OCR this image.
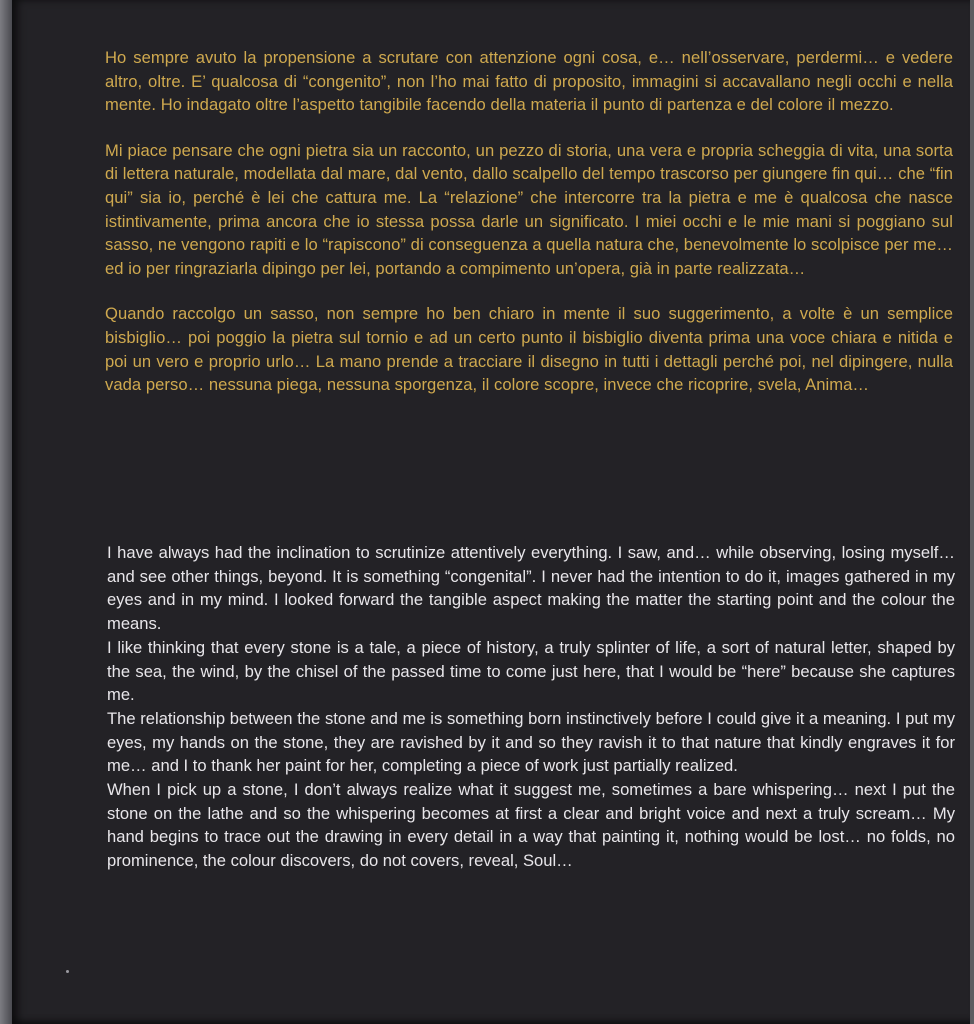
Ho sempre avuto la propensione a scrutare con attenzione ogni cosa, e… nell’osservare, perdermi… e vedere altro, oltre. E’ qualcosa di “congenito”, non l’ho mai fatto di proposito, immagini si accavallano negli occhi e nella mente. Ho indagato oltre l’aspetto tangibile facendo della materia il punto di partenza e del colore il mezzo.

Mi piace pensare che ogni pietra sia un racconto, un pezzo di storia, una vera e propria scheggia di vita, una sorta di lettera naturale, modellata dal mare, dal vento, dallo scalpello del tempo trascorso per giungere fin qui… che “fin qui” sia io, perché è lei che cattura me. La “relazione” che intercorre tra la pietra e me è qualcosa che nasce istintivamente, prima ancora che io stessa possa darle un significato. I miei occhi e le mie mani si poggiano sul sasso, ne vengono rapiti e lo “rapiscono” di conseguenza a quella natura che, benevolmente lo scolpisce per me… ed io per ringraziarla dipingo per lei, portando a compimento un’opera, già in parte realizzata…

Quando raccolgo un sasso, non sempre ho ben chiaro in mente il suo suggerimento, a volte è un semplice bisbiglio… poi poggio la pietra sul tornio e ad un certo punto il bisbiglio diventa prima una voce chiara e nitida e poi un vero e proprio urlo… La mano prende a tracciare il disegno in tutti i dettagli perché poi, nel dipingere, nulla vada perso… nessuna piega, nessuna sporgenza, il colore scopre, invece che ricoprire, svela, Anima…

I have always had the inclination to scrutinize attentively everything. I saw, and… while observing, losing myself… and see other things, beyond. It is something “congenital”. I never had the intention to do it, images gathered in my eyes and in my mind. I looked forward the tangible aspect making the matter the starting point and the colour the means.

I like thinking that every stone is a tale, a piece of history, a truly splinter of life, a sort of natural letter, shaped by the sea, the wind, by the chisel of the passed time to come just here, that I would be “here” because she captures me.

The relationship between the stone and me is something born instinctively before I could give it a meaning. I put my eyes, my hands on the stone, they are ravished by it and so they ravish it to that nature that kindly engraves it for me… and I to thank her paint for her, completing a piece of work just partially realized.

When I pick up a stone, I don’t always realize what it suggest me, sometimes a bare whispering… next I put the stone on the lathe and so the whispering becomes at first a clear and bright voice and next a truly scream… My hand begins to trace out the drawing in every detail in a way that painting it, nothing would be lost… no folds, no prominence, the colour discovers, do not covers, reveal, Soul…
